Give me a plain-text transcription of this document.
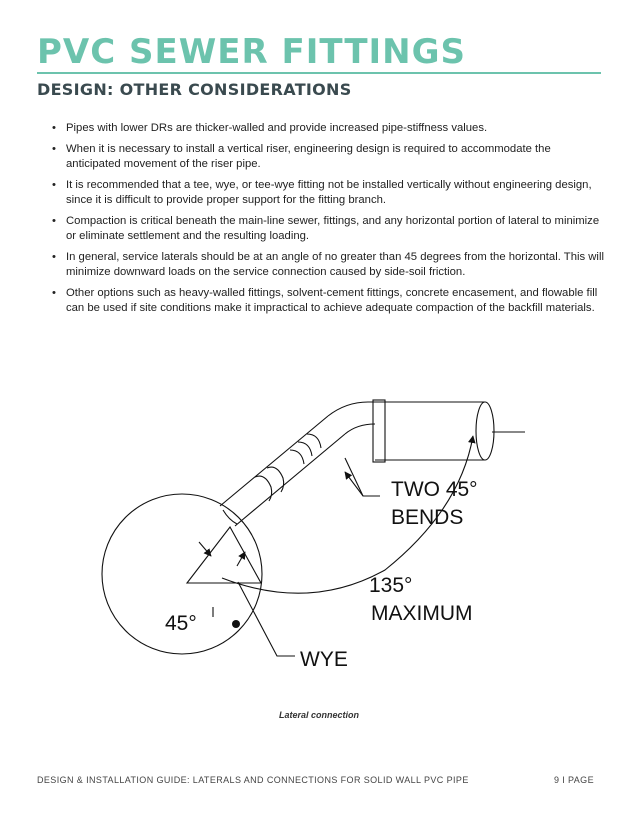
PVC SEWER FITTINGS
DESIGN: OTHER CONSIDERATIONS
• Pipes with lower DRs are thicker-walled and provide increased pipe-stiffness values.
• When it is necessary to install a vertical riser, engineering design is required to accommodate the anticipated movement of the riser pipe.
• It is recommended that a tee, wye, or tee-wye fitting not be installed vertically without engineering design, since it is difficult to provide proper support for the fitting branch.
• Compaction is critical beneath the main-line sewer, fittings, and any horizontal portion of lateral to minimize or eliminate settlement and the resulting loading.
• In general, service laterals should be at an angle of no greater than 45 degrees from the horizontal. This will minimize downward loads on the service connection caused by side-soil friction.
• Other options such as heavy-walled fittings, solvent-cement fittings, concrete encasement, and flowable fill can be used if site conditions make it impractical to achieve adequate compaction of the backfill materials.
TWO 45°
BENDS
135°
MAXIMUM
45°
WYE
Lateral connection
DESIGN & INSTALLATION GUIDE: LATERALS AND CONNECTIONS FOR SOLID WALL PVC PIPE	9 I PAGE
